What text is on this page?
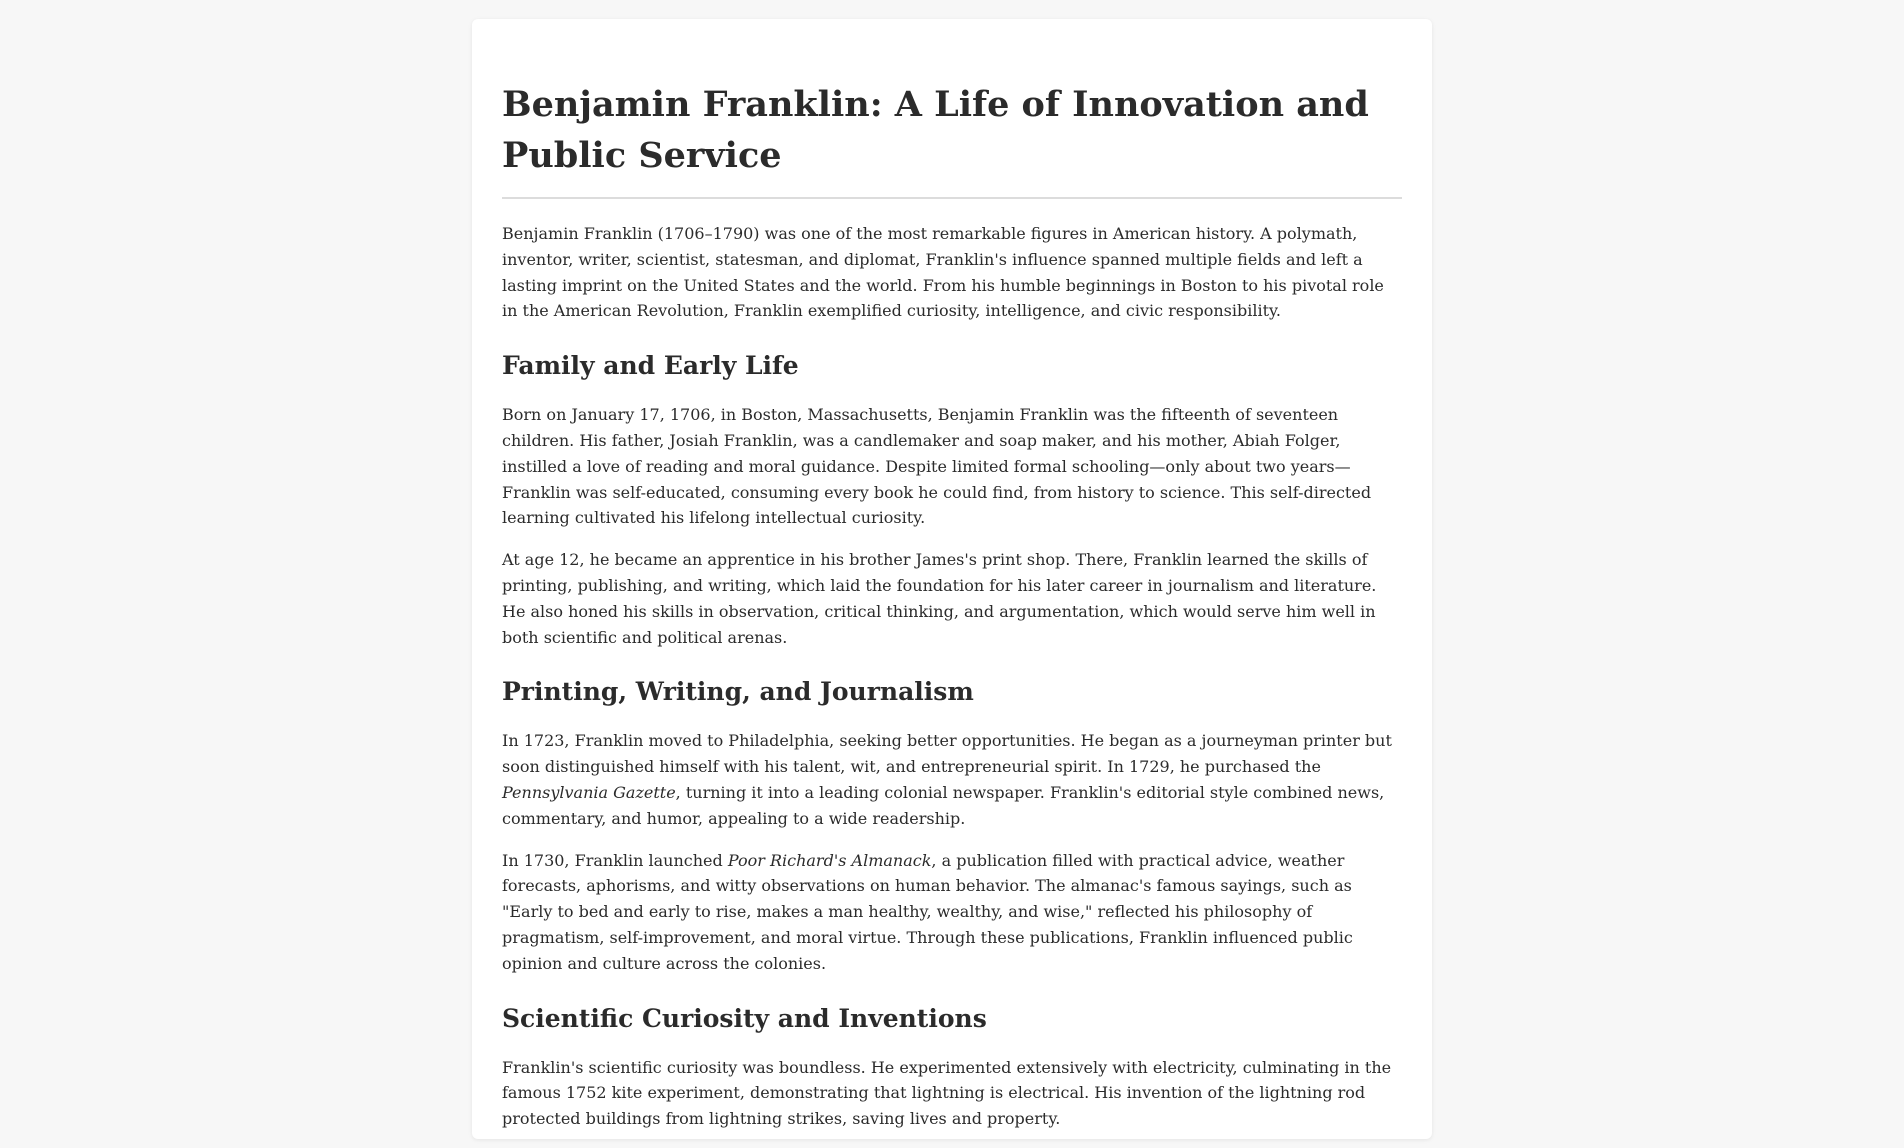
Benjamin Franklin: A Life of Innovation and Public Service

Benjamin Franklin (1706–1790) was one of the most remarkable figures in American history. A polymath, inventor, writer, scientist, statesman, and diplomat, Franklin's influence spanned multiple fields and left a lasting imprint on the United States and the world. From his humble beginnings in Boston to his pivotal role in the American Revolution, Franklin exemplified curiosity, intelligence, and civic responsibility.

Family and Early Life

Born on January 17, 1706, in Boston, Massachusetts, Benjamin Franklin was the fifteenth of seventeen children. His father, Josiah Franklin, was a candlemaker and soap maker, and his mother, Abiah Folger, instilled a love of reading and moral guidance. Despite limited formal schooling—only about two years—Franklin was self-educated, consuming every book he could find, from history to science. This self-directed learning cultivated his lifelong intellectual curiosity.

At age 12, he became an apprentice in his brother James's print shop. There, Franklin learned the skills of printing, publishing, and writing, which laid the foundation for his later career in journalism and literature. He also honed his skills in observation, critical thinking, and argumentation, which would serve him well in both scientific and political arenas.

Printing, Writing, and Journalism

In 1723, Franklin moved to Philadelphia, seeking better opportunities. He began as a journeyman printer but soon distinguished himself with his talent, wit, and entrepreneurial spirit. In 1729, he purchased the Pennsylvania Gazette, turning it into a leading colonial newspaper. Franklin's editorial style combined news, commentary, and humor, appealing to a wide readership.

In 1730, Franklin launched Poor Richard's Almanack, a publication filled with practical advice, weather forecasts, aphorisms, and witty observations on human behavior. The almanac's famous sayings, such as "Early to bed and early to rise, makes a man healthy, wealthy, and wise," reflected his philosophy of pragmatism, self-improvement, and moral virtue. Through these publications, Franklin influenced public opinion and culture across the colonies.

Scientific Curiosity and Inventions

Franklin's scientific curiosity was boundless. He experimented extensively with electricity, culminating in the famous 1752 kite experiment, demonstrating that lightning is electrical. His invention of the lightning rod protected buildings from lightning strikes, saving lives and property.
